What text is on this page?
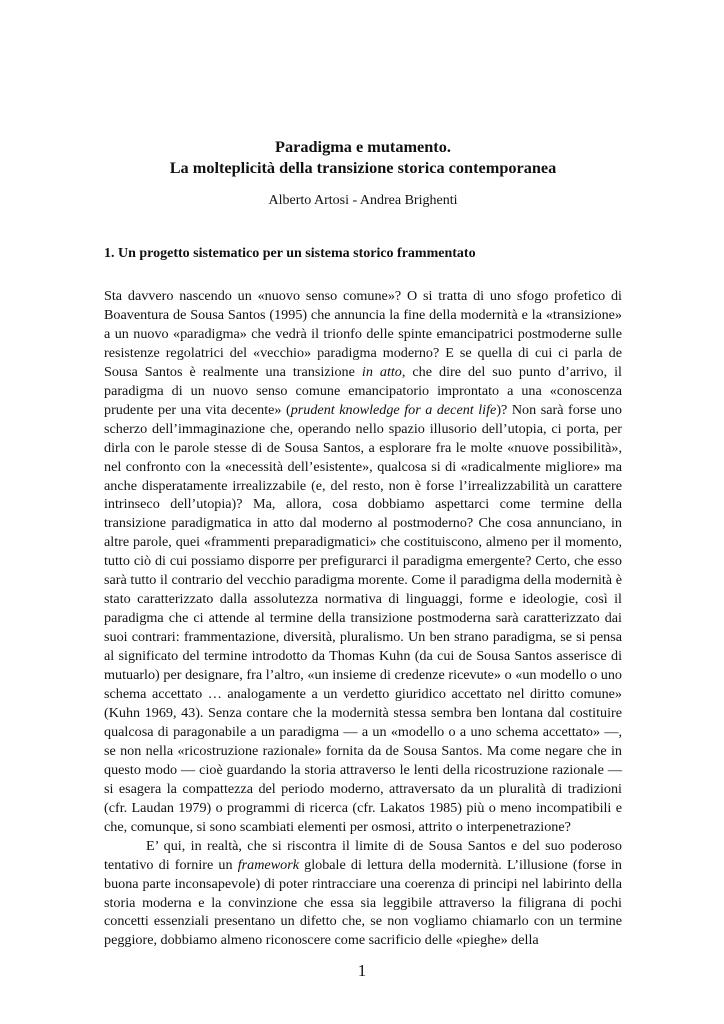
Paradigma e mutamento.
La molteplicità della transizione storica contemporanea

Alberto Artosi - Andrea Brighenti

1. Un progetto sistematico per un sistema storico frammentato

Sta davvero nascendo un «nuovo senso comune»? O si tratta di uno sfogo profetico di Boaventura de Sousa Santos (1995) che annuncia la fine della modernità e la «transizione» a un nuovo «paradigma» che vedrà il trionfo delle spinte emancipatrici postmoderne sulle resistenze regolatrici del «vecchio» paradigma moderno? E se quella di cui ci parla de Sousa Santos è realmente una transizione in atto, che dire del suo punto d’arrivo, il paradigma di un nuovo senso comune emancipatorio improntato a una «conoscenza prudente per una vita decente» (prudent knowledge for a decent life)? Non sarà forse uno scherzo dell’immaginazione che, operando nello spazio illusorio dell’utopia, ci porta, per dirla con le parole stesse di de Sousa Santos, a esplorare fra le molte «nuove possibilità», nel confronto con la «necessità dell’esistente», qualcosa si di «radicalmente migliore» ma anche disperatamente irrealizzabile (e, del resto, non è forse l’irrealizzabilità un carattere intrinseco dell’utopia)? Ma, allora, cosa dobbiamo aspettarci come termine della transizione paradigmatica in atto dal moderno al postmoderno? Che cosa annunciano, in altre parole, quei «frammenti preparadigmatici» che costituiscono, almeno per il momento, tutto ciò di cui possiamo disporre per prefigurarci il paradigma emergente? Certo, che esso sarà tutto il contrario del vecchio paradigma morente. Come il paradigma della modernità è stato caratterizzato dalla assolutezza normativa di linguaggi, forme e ideologie, così il paradigma che ci attende al termine della transizione postmoderna sarà caratterizzato dai suoi contrari: frammentazione, diversità, pluralismo. Un ben strano paradigma, se si pensa al significato del termine introdotto da Thomas Kuhn (da cui de Sousa Santos asserisce di mutuarlo) per designare, fra l’altro, «un insieme di credenze ricevute» o «un modello o uno schema accettato … analogamente a un verdetto giuridico accettato nel diritto comune» (Kuhn 1969, 43). Senza contare che la modernità stessa sembra ben lontana dal costituire qualcosa di paragonabile a un paradigma — a un «modello o a uno schema accettato» —, se non nella «ricostruzione razionale» fornita da de Sousa Santos. Ma come negare che in questo modo — cioè guardando la storia attraverso le lenti della ricostruzione razionale — si esagera la compattezza del periodo moderno, attraversato da un pluralità di tradizioni (cfr. Laudan 1979) o programmi di ricerca (cfr. Lakatos 1985) più o meno incompatibili e che, comunque, si sono scambiati elementi per osmosi, attrito o interpenetrazione?

E’ qui, in realtà, che si riscontra il limite di de Sousa Santos e del suo poderoso tentativo di fornire un framework globale di lettura della modernità. L’illusione (forse in buona parte inconsapevole) di poter rintracciare una coerenza di principi nel labirinto della storia moderna e la convinzione che essa sia leggibile attraverso la filigrana di pochi concetti essenziali presentano un difetto che, se non vogliamo chiamarlo con un termine peggiore, dobbiamo almeno riconoscere come sacrificio delle «pieghe» della

1
